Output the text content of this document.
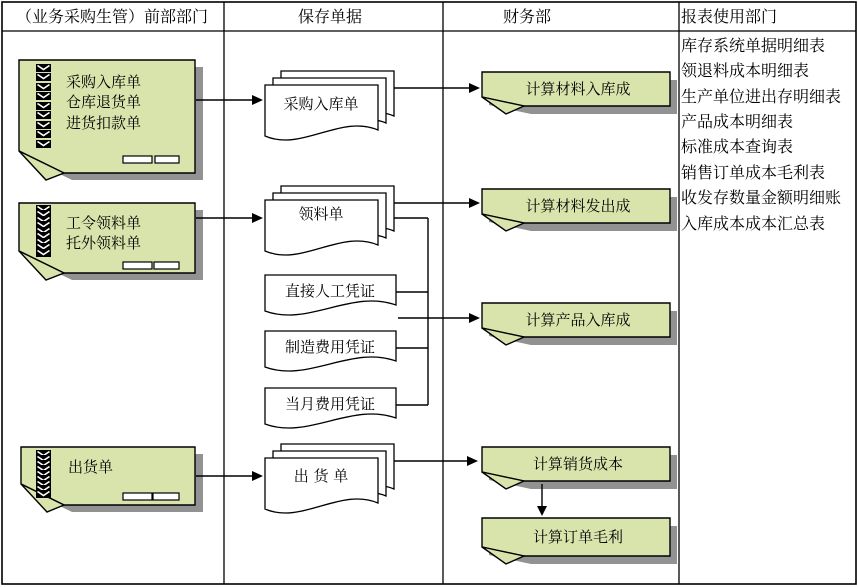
（业务采购生管）前部部门	保存单据	财务部	报表使用部门
库存系统单据明细表
领退料成本明细表
生产单位进出存明细表
产品成本明细表
标准成本查询表
销售订单成本毛利表
收发存数量金额明细账
入库成本成本汇总表
采购入库单
仓库退货单
进货扣款单
工令领料单
托外领料单
出货单
采购入库单
领料单
直接人工凭证
制造费用凭证
当月费用凭证
出 货 单
计算材料入库成
计算材料发出成
计算产品入库成
计算销货成本
计算订单毛利
